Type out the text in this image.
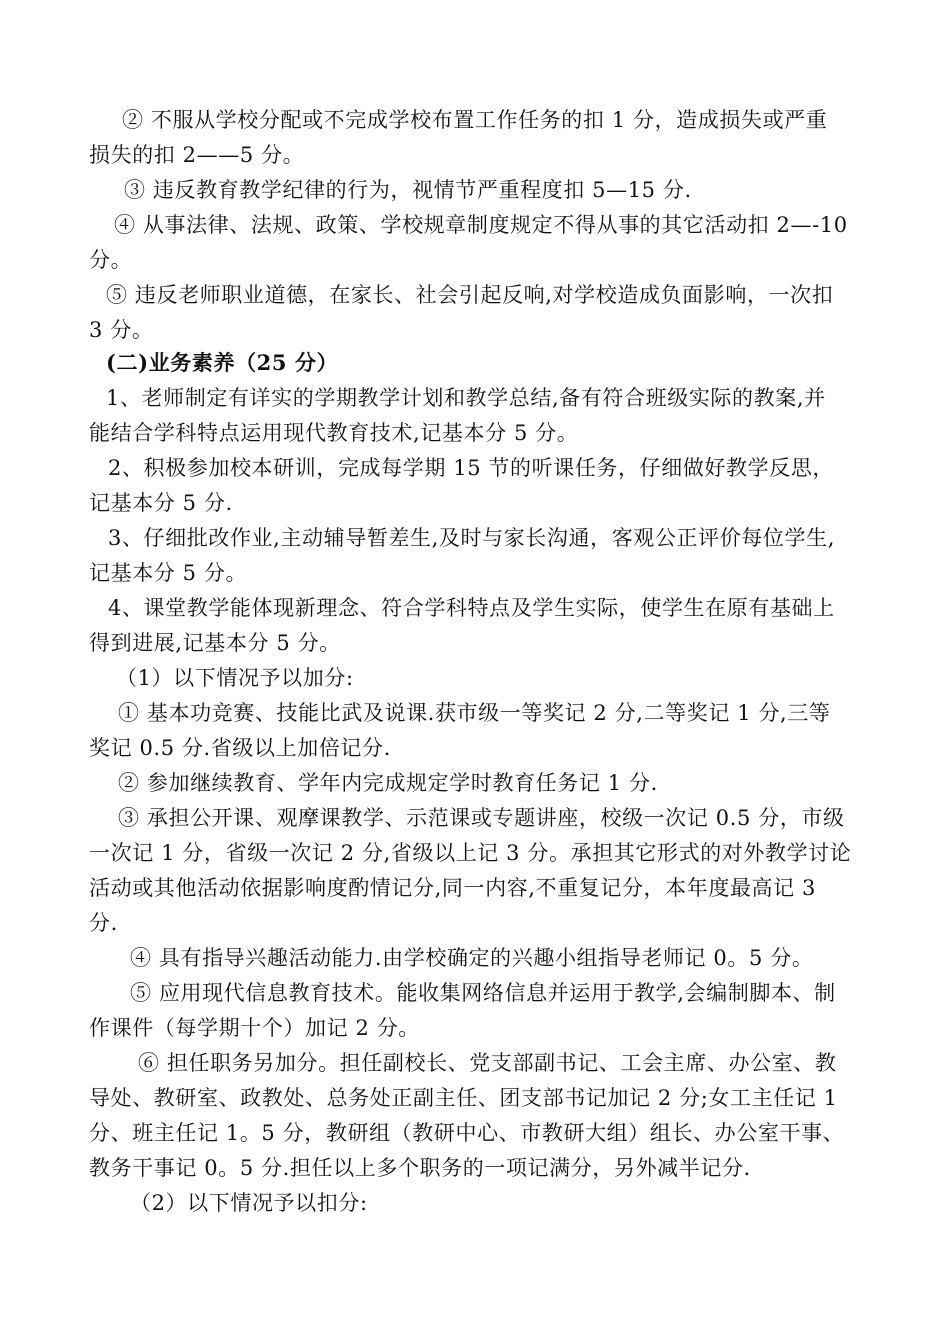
② 不服从学校分配或不完成学校布置工作任务的扣 1 分，造成损失或严重
损失的扣 2——5 分。
③ 违反教育教学纪律的行为，视情节严重程度扣 5—15 分.
④ 从事法律、法规、政策、学校规章制度规定不得从事的其它活动扣 2—-10
分。
⑤ 违反老师职业道德，在家长、社会引起反响,对学校造成负面影响，一次扣
3 分。
(二)业务素养（25 分）
1、老师制定有详实的学期教学计划和教学总结,备有符合班级实际的教案,并
能结合学科特点运用现代教育技术,记基本分 5 分。
2、积极参加校本研训，完成每学期 15 节的听课任务，仔细做好教学反思，
记基本分 5 分.
3、仔细批改作业,主动辅导暂差生,及时与家长沟通，客观公正评价每位学生,
记基本分 5 分。
4、课堂教学能体现新理念、符合学科特点及学生实际，使学生在原有基础上
得到进展,记基本分 5 分。
（1）以下情况予以加分:
① 基本功竞赛、技能比武及说课.获市级一等奖记 2 分,二等奖记 1 分,三等
奖记 0.5 分.省级以上加倍记分.
② 参加继续教育、学年内完成规定学时教育任务记 1 分.
③ 承担公开课、观摩课教学、示范课或专题讲座，校级一次记 0.5 分，市级
一次记 1 分，省级一次记 2 分,省级以上记 3 分。承担其它形式的对外教学讨论
活动或其他活动依据影响度酌情记分,同一内容,不重复记分，本年度最高记 3
分.
④ 具有指导兴趣活动能力.由学校确定的兴趣小组指导老师记 0。5 分。
⑤ 应用现代信息教育技术。能收集网络信息并运用于教学,会编制脚本、制
作课件（每学期十个）加记 2 分。
⑥ 担任职务另加分。担任副校长、党支部副书记、工会主席、办公室、教
导处、教研室、政教处、总务处正副主任、团支部书记加记 2 分;女工主任记 1
分、班主任记 1。5 分，教研组（教研中心、市教研大组）组长、办公室干事、
教务干事记 0。5 分.担任以上多个职务的一项记满分，另外减半记分.
（2）以下情况予以扣分:
